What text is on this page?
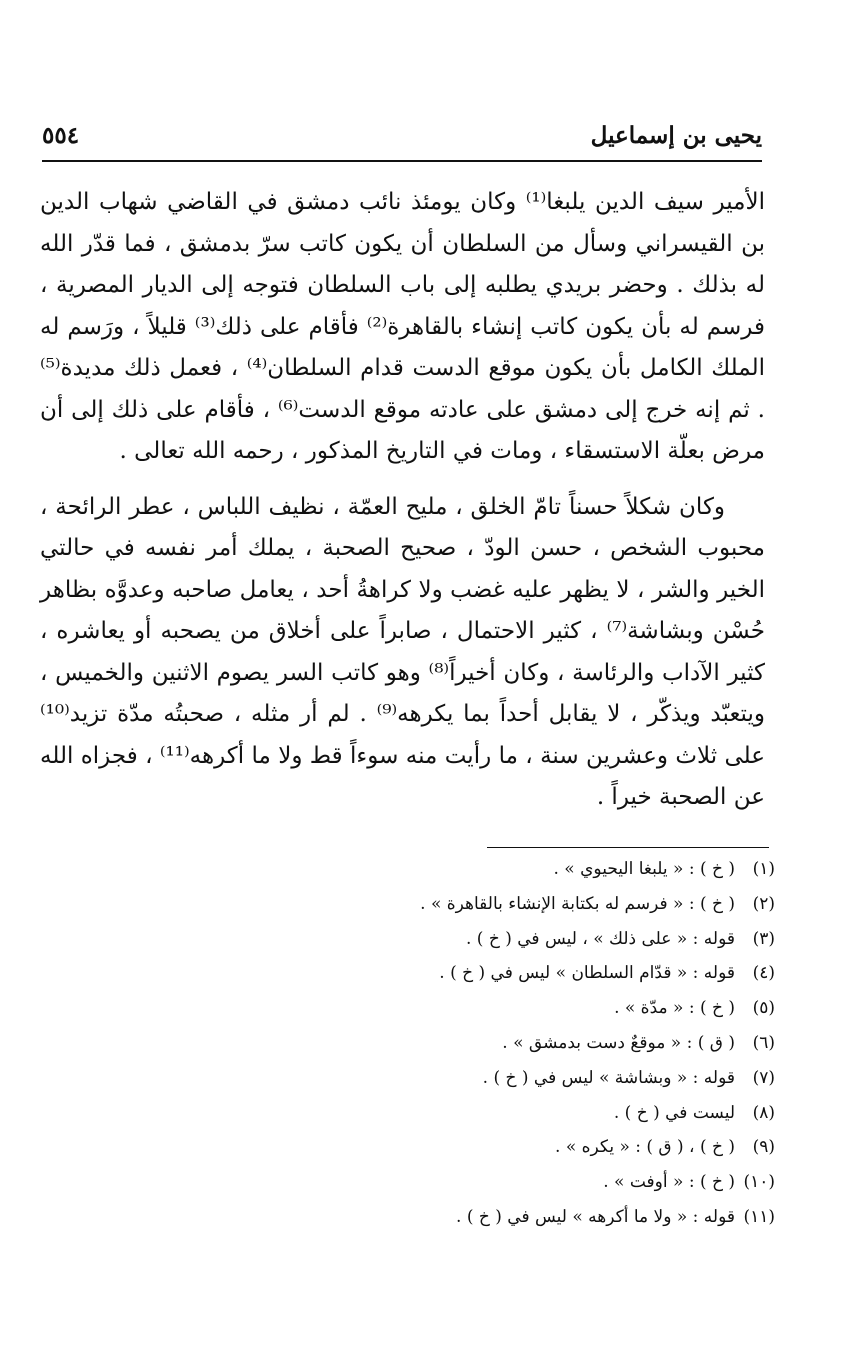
يحيى بن إسماعيل
٥٥٤

الأمير سيف الدين يلبغا⁽¹⁾ وكان يومئذ نائب دمشق في القاضي شهاب الدين بن القيسراني وسأل من السلطان أن يكون كاتب سرّ بدمشق ، فما قدّر الله له بذلك . وحضر بريدي يطلبه إلى باب السلطان فتوجه إلى الديار المصرية ، فرسم له بأن يكون كاتب إنشاء بالقاهرة⁽²⁾ فأقام على ذلك⁽³⁾ قليلاً ، ورَسم له الملك الكامل بأن يكون موقع الدست قدام السلطان⁽⁴⁾ ، فعمل ذلك مديدة⁽⁵⁾ . ثم إنه خرج إلى دمشق على عادته موقع الدست⁽⁶⁾ ، فأقام على ذلك إلى أن مرض بعلّة الاستسقاء ، ومات في التاريخ المذكور ، رحمه الله تعالى .

وكان شكلاً حسناً تامّ الخلق ، مليح العمّة ، نظيف اللباس ، عطر الرائحة ، محبوب الشخص ، حسن الودّ ، صحيح الصحبة ، يملك أمر نفسه في حالتي الخير والشر ، لا يظهر عليه غضب ولا كراهةُ أحد ، يعامل صاحبه وعدوَّه بظاهر حُسْن وبشاشة⁽⁷⁾ ، كثير الاحتمال ، صابراً على أخلاق من يصحبه أو يعاشره ، كثير الآداب والرئاسة ، وكان أخيراً⁽⁸⁾ وهو كاتب السر يصوم الاثنين والخميس ، ويتعبّد ويذكّر ، لا يقابل أحداً بما يكرهه⁽⁹⁾ . لم أر مثله ، صحبتُه مدّة تزيد⁽¹⁰⁾ على ثلاث وعشرين سنة ، ما رأيت منه سوءاً قط ولا ما أكرهه⁽¹¹⁾ ، فجزاه الله عن الصحبة خيراً .

(١)( خ ) : « يلبغا اليحيوي » .
(٢)( خ ) : « فرسم له بكتابة الإنشاء بالقاهرة » .
(٣)قوله : « على ذلك » ، ليس في ( خ ) .
(٤)قوله : « قدّام السلطان » ليس في ( خ ) .
(٥)( خ ) : « مدّة » .
(٦)( ق ) : « موقعٌ دست بدمشق » .
(٧)قوله : « وبشاشة » ليس في ( خ ) .
(٨)ليست في ( خ ) .
(٩)( خ ) ، ( ق ) : « يكره » .
(١٠)( خ ) : « أوفت » .
(١١)قوله : « ولا ما أكرهه » ليس في ( خ ) .
